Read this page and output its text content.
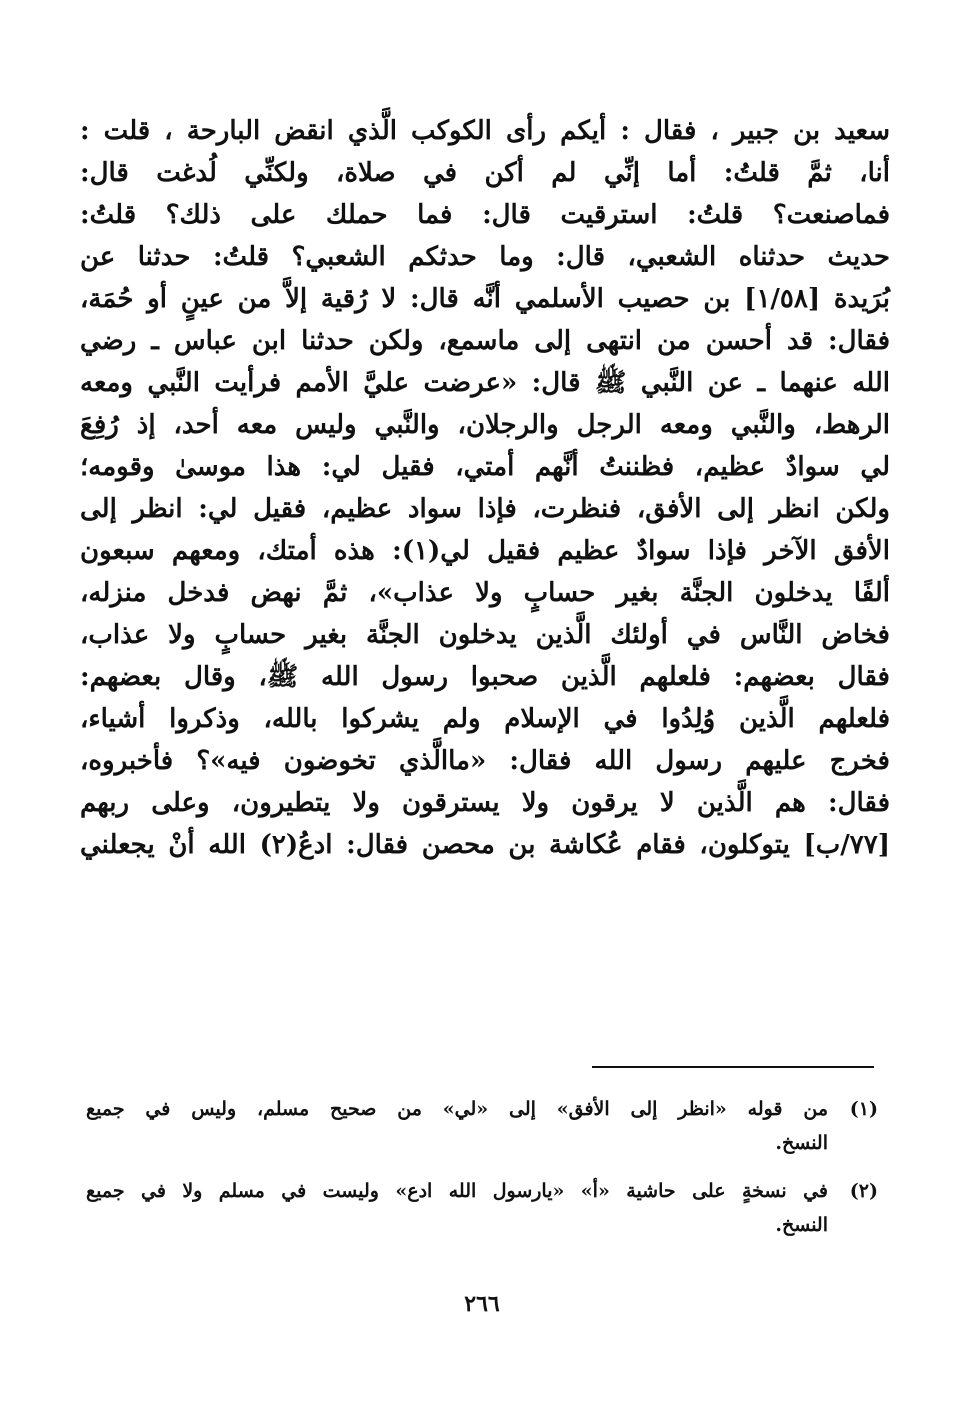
سعيد بن جبير ، فقال : أيكم رأى الكوكب الَّذي انقض البارحة ، قلت :
أنا، ثمَّ قلتُ: أما إنِّي لم أكن في صلاة، ولكنِّي لُدغت قال:
فماصنعت؟ قلتُ: استرقيت قال: فما حملك على ذلك؟ قلتُ:
حديث حدثناه الشعبي، قال: وما حدثكم الشعبي؟ قلتُ: حدثنا عن
بُرَيدة [١/٥٨] بن حصيب الأسلمي أنَّه قال: لا رُقية إلاَّ من عينٍ أو حُمَة،
فقال: قد أحسن من انتهى إلى ماسمع، ولكن حدثنا ابن عباس ـ رضي
الله عنهما ـ عن النَّبي ﷺ قال: «عرضت عليَّ الأمم فرأيت النَّبي ومعه
الرهط، والنَّبي ومعه الرجل والرجلان، والنَّبي وليس معه أحد، إذ رُفِعَ
لي سوادٌ عظيم، فظننتُ أنَّهم أمتي، فقيل لي: هذا موسىٰ وقومه؛
ولكن انظر إلى الأفق، فنظرت، فإذا سواد عظيم، فقيل لي: انظر إلى
الأفق الآخر فإذا سوادٌ عظيم فقيل لي(١): هذه أمتك، ومعهم سبعون
ألفًا يدخلون الجنَّة بغير حسابٍ ولا عذاب»، ثمَّ نهض فدخل منزله،
فخاض النَّاس في أولئك الَّذين يدخلون الجنَّة بغير حسابٍ ولا عذاب،
فقال بعضهم: فلعلهم الَّذين صحبوا رسول الله ﷺ، وقال بعضهم:
فلعلهم الَّذين وُلِدُوا في الإسلام ولم يشركوا بالله، وذكروا أشياء،
فخرج عليهم رسول الله فقال: «ماالَّذي تخوضون فيه»؟ فأخبروه،
فقال: هم الَّذين لا يرقون ولا يسترقون ولا يتطيرون، وعلى ربهم
[٧٧/ب] يتوكلون، فقام عُكاشة بن محصن فقال: ادعُ(٢) الله أنْ يجعلني
(١)
من قوله «انظر إلى الأفق» إلى «لي» من صحيح مسلم، وليس في جميع
النسخ.
(٢)
في نسخةٍ على حاشية «أ» «يارسول الله ادع» وليست في مسلم ولا في جميع
النسخ.
٢٦٦
